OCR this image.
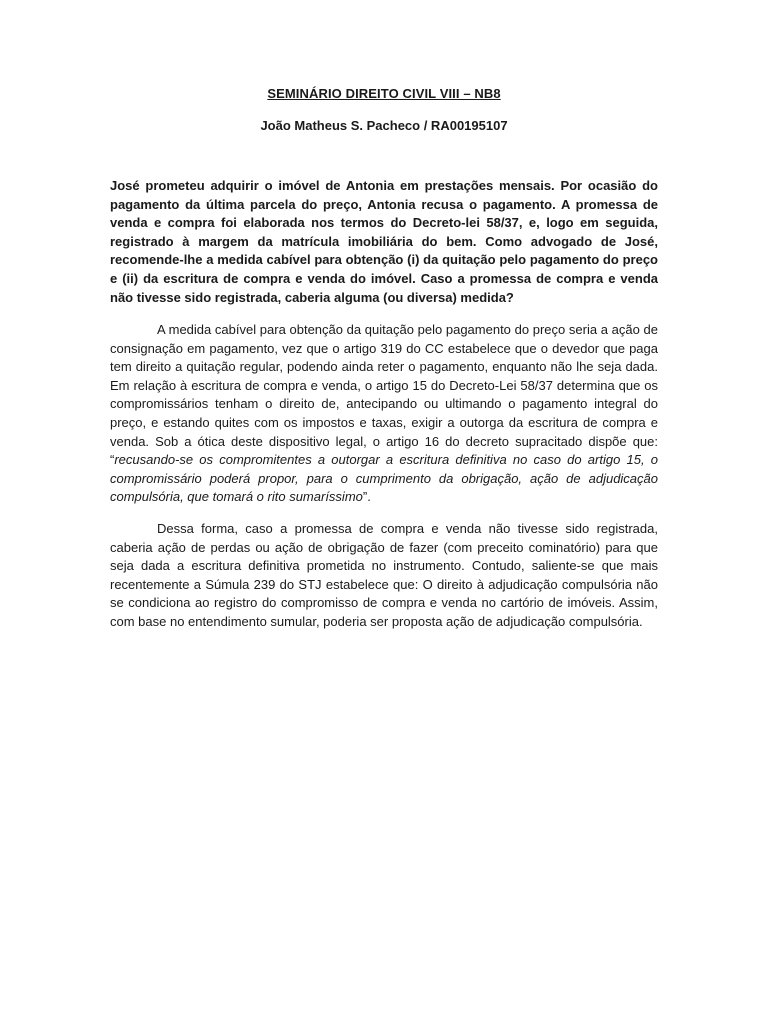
SEMINÁRIO DIREITO CIVIL VIII – NB8
João Matheus S. Pacheco / RA00195107
José prometeu adquirir o imóvel de Antonia em prestações mensais. Por ocasião do pagamento da última parcela do preço, Antonia recusa o pagamento. A promessa de venda e compra foi elaborada nos termos do Decreto-lei 58/37, e, logo em seguida, registrado à margem da matrícula imobiliária do bem. Como advogado de José, recomende-lhe a medida cabível para obtenção (i) da quitação pelo pagamento do preço e (ii) da escritura de compra e venda do imóvel. Caso a promessa de compra e venda não tivesse sido registrada, caberia alguma (ou diversa) medida?
A medida cabível para obtenção da quitação pelo pagamento do preço seria a ação de consignação em pagamento, vez que o artigo 319 do CC estabelece que o devedor que paga tem direito a quitação regular, podendo ainda reter o pagamento, enquanto não lhe seja dada. Em relação à escritura de compra e venda, o artigo 15 do Decreto-Lei 58/37 determina que os compromissários tenham o direito de, antecipando ou ultimando o pagamento integral do preço, e estando quites com os impostos e taxas, exigir a outorga da escritura de compra e venda. Sob a ótica deste dispositivo legal, o artigo 16 do decreto supracitado dispõe que: “recusando-se os compromitentes a outorgar a escritura definitiva no caso do artigo 15, o compromissário poderá propor, para o cumprimento da obrigação, ação de adjudicação compulsória, que tomará o rito sumaríssimo”.
Dessa forma, caso a promessa de compra e venda não tivesse sido registrada, caberia ação de perdas ou ação de obrigação de fazer (com preceito cominatório) para que seja dada a escritura definitiva prometida no instrumento. Contudo, saliente-se que mais recentemente a Súmula 239 do STJ estabelece que: O direito à adjudicação compulsória não se condiciona ao registro do compromisso de compra e venda no cartório de imóveis. Assim, com base no entendimento sumular, poderia ser proposta ação de adjudicação compulsória.
